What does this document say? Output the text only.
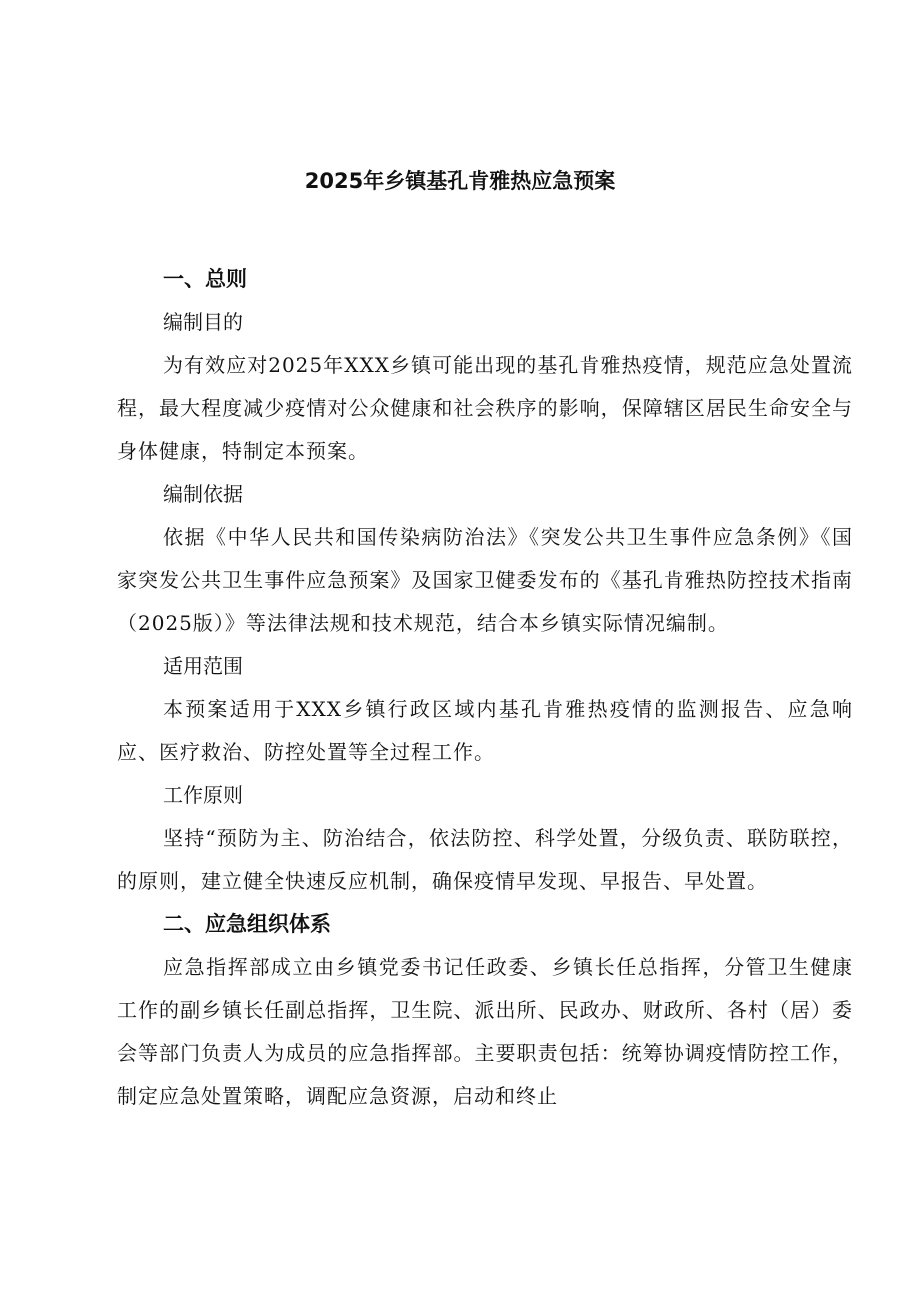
2025年乡镇基孔肯雅热应急预案
一、总则
编制目的

为有效应对2025年XXX乡镇可能出现的基孔肯雅热疫情，规范应急处置流程，最大程度减少疫情对公众健康和社会秩序的影响，保障辖区居民生命安全与身体健康，特制定本预案。

编制依据

依据《中华人民共和国传染病防治法》《突发公共卫生事件应急条例》《国家突发公共卫生事件应急预案》及国家卫健委发布的《基孔肯雅热防控技术指南（2025版）》等法律法规和技术规范，结合本乡镇实际情况编制。

适用范围

本预案适用于XXX乡镇行政区域内基孔肯雅热疫情的监测报告、应急响应、医疗救治、防控处置等全过程工作。

工作原则

坚持“预防为主、防治结合，依法防控、科学处置，分级负责、联防联控，的原则，建立健全快速反应机制，确保疫情早发现、早报告、早处置。

二、应急组织体系

应急指挥部成立由乡镇党委书记任政委、乡镇长任总指挥，分管卫生健康工作的副乡镇长任副总指挥，卫生院、派出所、民政办、财政所、各村（居）委会等部门负责人为成员的应急指挥部。主要职责包括：统筹协调疫情防控工作，制定应急处置策略，调配应急资源，启动和终止
